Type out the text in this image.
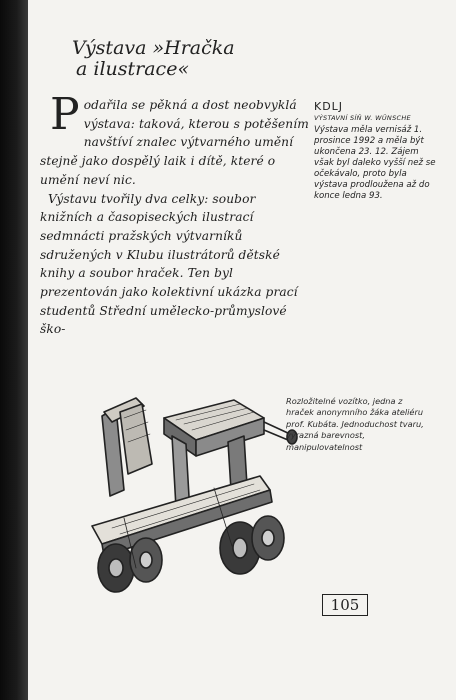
Výstava »Hračka
a ilustrace«

Podařila se pěkná a dost neobvyklá výstava: taková, kterou s potěšením navštíví znalec výtvarného umění stejně jako dospělý laik i dítě, které o umění neví nic.

Výstavu tvořily dva celky: soubor knižních a časopiseckých ilustrací sedmnácti pražských výtvarníků sdružených v Klubu ilustrátorů dětské knihy a soubor hraček. Ten byl prezentován jako kolektivní ukázka prací studentů Střední umělecko-průmyslové ško-

KDLJ
VÝSTAVNÍ SÍŇ W. WÜNSCHE
Výstava měla vernisáž 1. prosince 1992 a měla být ukončena 23. 12. Zájem však byl daleko vyšší než se očekávalo, proto byla výstava prodloužena až do konce ledna 93.
Rozložitelné vozítko, jedna z hraček anonymního žáka ateliéru prof. Kubáta. Jednoduchost tvaru, výrazná barevnost, manipulovatelnost
105
